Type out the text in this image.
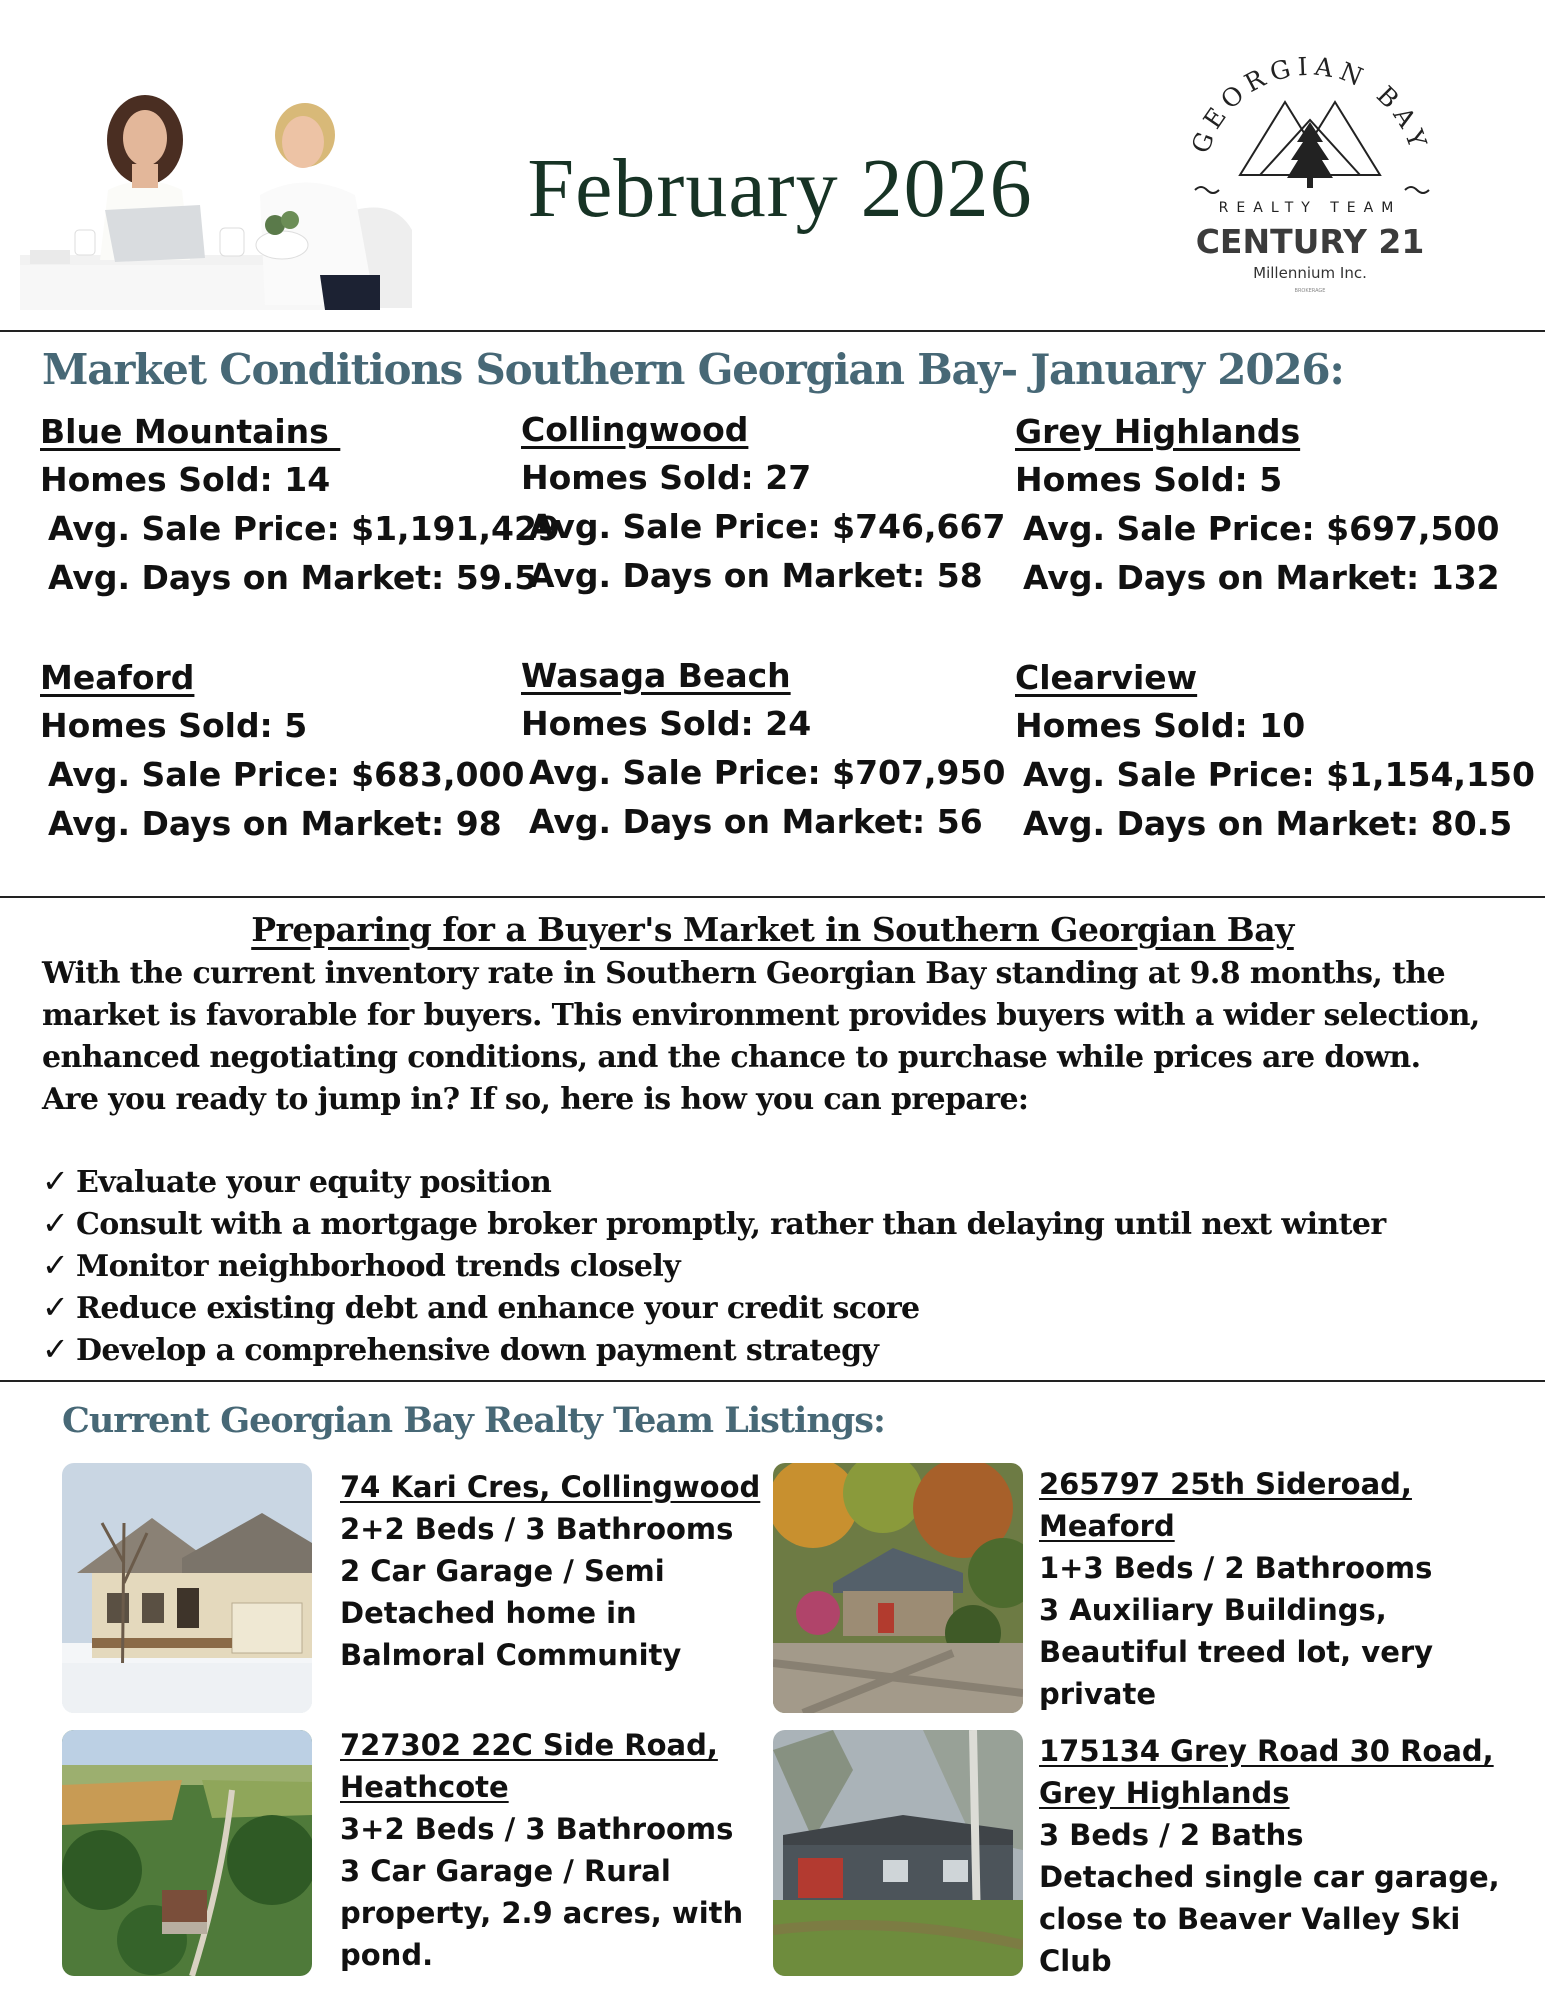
February 2026
GEORGIAN BAY
REALTY TEAM
CENTURY 21
Millennium Inc.
BROKERAGE
Market Conditions Southern Georgian Bay- January 2026:
Blue Mountains
Homes Sold: 14
Avg. Sale Price: $1,191,429
Avg. Days on Market: 59.5
Collingwood
Homes Sold: 27
Avg. Sale Price: $746,667
Avg. Days on Market: 58
Grey Highlands
Homes Sold: 5
Avg. Sale Price: $697,500
Avg. Days on Market: 132
Meaford
Homes Sold: 5
Avg. Sale Price: $683,000
Avg. Days on Market: 98
Wasaga Beach
Homes Sold: 24
Avg. Sale Price: $707,950
Avg. Days on Market: 56
Clearview
Homes Sold: 10
Avg. Sale Price: $1,154,150
Avg. Days on Market: 80.5
Preparing for a Buyer's Market in Southern Georgian Bay

With the current inventory rate in Southern Georgian Bay standing at 9.8 months, the

market is favorable for buyers. This environment provides buyers with a wider selection,

enhanced negotiating conditions, and the chance to purchase while prices are down.

Are you ready to jump in? If so, here is how you can prepare:

✓ Evaluate your equity position
✓ Consult with a mortgage broker promptly, rather than delaying until next winter
✓ Monitor neighborhood trends closely
✓ Reduce existing debt and enhance your credit score
✓ Develop a comprehensive down payment strategy
Current Georgian Bay Realty Team Listings:
74 Kari Cres, Collingwood
2+2 Beds / 3 Bathrooms
2 Car Garage / Semi
Detached home in
Balmoral Community
265797 25th Sideroad,
Meaford
1+3 Beds / 2 Bathrooms
3 Auxiliary Buildings,
Beautiful treed lot, very
private
727302 22C Side Road,
Heathcote
3+2 Beds / 3 Bathrooms
3 Car Garage / Rural
property, 2.9 acres, with
pond.
175134 Grey Road 30 Road,
Grey Highlands
3 Beds / 2 Baths
Detached single car garage,
close to Beaver Valley Ski
Club
